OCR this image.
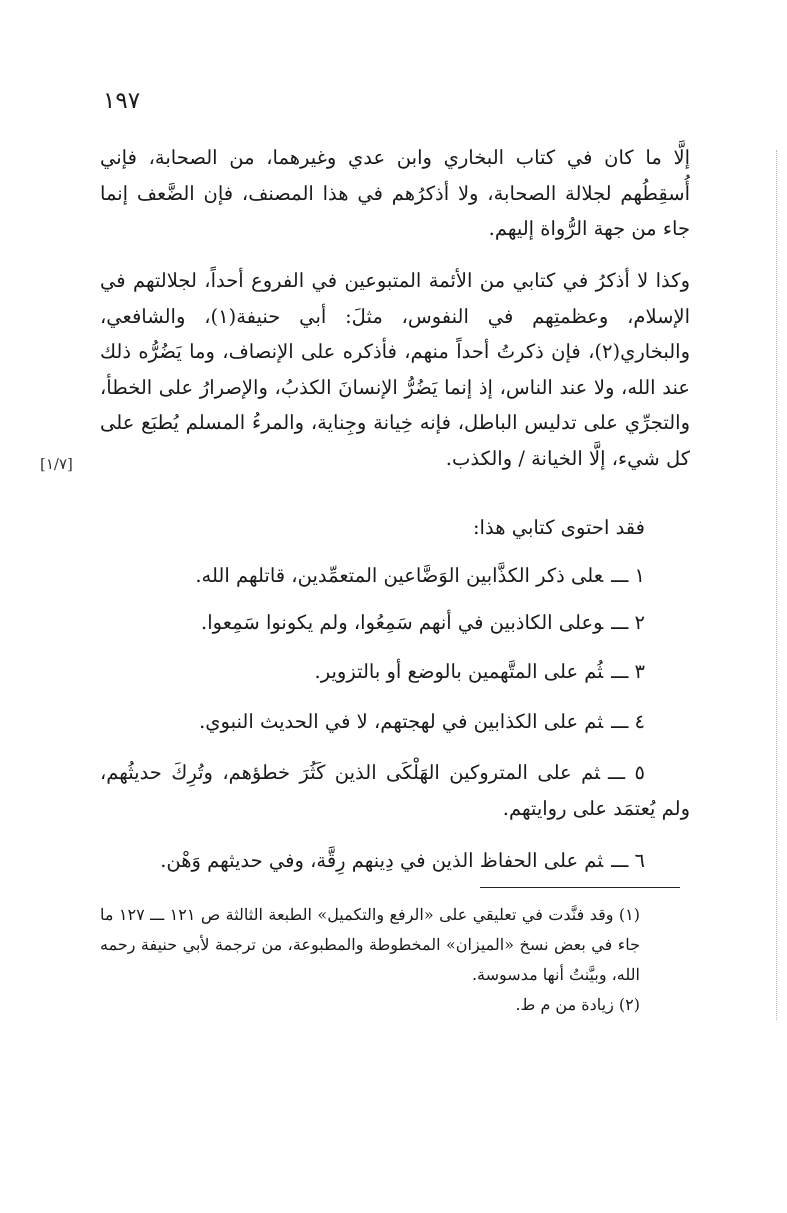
١٩٧

إلَّا ما كان في كتاب البخاري وابن عدي وغيرهما، من الصحابة، فإني أُسقِطُهم لجلالة الصحابة، ولا أذكرُهم في هذا المصنف، فإن الضَّعف إنما جاء من جهة الرُّواة إليهم.

وكذا لا أذكرُ في كتابي من الأئمة المتبوعين في الفروع أحداً، لجلالتهم في الإسلام، وعظمتِهم في النفوس، مثلَ: أبي حنيفة(١)، والشافعي، والبخاري(٢)، فإن ذكرتُ أحداً منهم، فأذكره على الإنصاف، وما يَضُرُّه ذلك عند الله، ولا عند الناس، إذ إنما يَضُرُّ الإنسانَ الكذبُ، والإصرارُ على الخطأ، والتجرِّي على تدليس الباطل، فإنه خِيانة وجِناية، والمرءُ المسلم يُطبَع على كل شيء، إلَّا الخيانة / والكذب.

[١/٧]

فقد احتوى كتابي هذا:

١ ـــعلى ذكر الكذَّابين الوَضَّاعين المتعمِّدين، قاتلهم الله.
٢ ـــوعلى الكاذبين في أنهم سَمِعُوا، ولم يكونوا سَمِعوا.
٣ ـــثُم على المتَّهمين بالوضع أو بالتزوير.
٤ ـــثم على الكذابين في لهجتهم، لا في الحديث النبوي.
٥ ـــثم على المتروكين الهَلْكَى الذين كَثُرَ خطؤهم، وتُرِكَ حديثُهم، ولم يُعتمَد على روايتهم.
٦ ـــثم على الحفاظ الذين في دِينهم رِقَّة، وفي حديثهم وَهْن.

(١) وقد فنَّدت في تعليقي على «الرفع والتكميل» الطبعة الثالثة ص ١٢١ ـــ ١٢٧ ما جاء في بعض نسخ «الميزان» المخطوطة والمطبوعة، من ترجمة لأبي حنيفة رحمه الله، وبيَّنتُ أنها مدسوسة.

(٢) زيادة من م ط.
